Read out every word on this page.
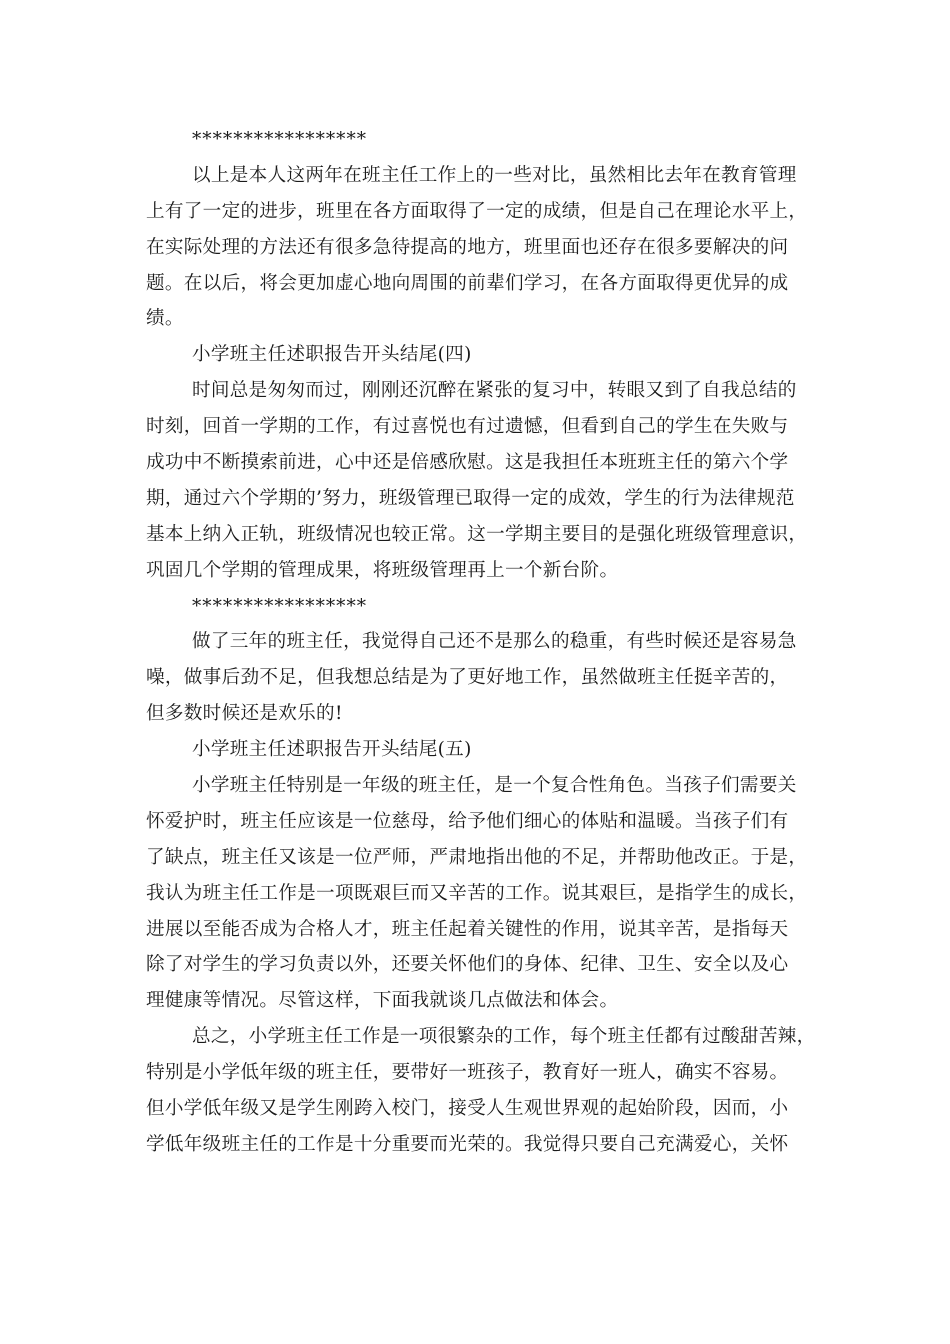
*****************
以上是本人这两年在班主任工作上的一些对比，虽然相比去年在教育管理
上有了一定的进步，班里在各方面取得了一定的成绩，但是自己在理论水平上，
在实际处理的方法还有很多急待提高的地方，班里面也还存在很多要解决的问
题。在以后，将会更加虚心地向周围的前辈们学习，在各方面取得更优异的成
绩。
小学班主任述职报告开头结尾(四)
时间总是匆匆而过，刚刚还沉醉在紧张的复习中，转眼又到了自我总结的
时刻，回首一学期的工作，有过喜悦也有过遗憾，但看到自己的学生在失败与
成功中不断摸索前进，心中还是倍感欣慰。这是我担任本班班主任的第六个学
期，通过六个学期的’努力，班级管理已取得一定的成效，学生的行为法律规范
基本上纳入正轨，班级情况也较正常。这一学期主要目的是强化班级管理意识，
巩固几个学期的管理成果，将班级管理再上一个新台阶。
*****************
做了三年的班主任，我觉得自己还不是那么的稳重，有些时候还是容易急
噪，做事后劲不足，但我想总结是为了更好地工作，虽然做班主任挺辛苦的，
但多数时候还是欢乐的!
小学班主任述职报告开头结尾(五)
小学班主任特别是一年级的班主任，是一个复合性角色。当孩子们需要关
怀爱护时，班主任应该是一位慈母，给予他们细心的体贴和温暖。当孩子们有
了缺点，班主任又该是一位严师，严肃地指出他的不足，并帮助他改正。于是，
我认为班主任工作是一项既艰巨而又辛苦的工作。说其艰巨，是指学生的成长，
进展以至能否成为合格人才，班主任起着关键性的作用，说其辛苦，是指每天
除了对学生的学习负责以外，还要关怀他们的身体、纪律、卫生、安全以及心
理健康等情况。尽管这样，下面我就谈几点做法和体会。
总之，小学班主任工作是一项很繁杂的工作，每个班主任都有过酸甜苦辣，
特别是小学低年级的班主任，要带好一班孩子，教育好一班人，确实不容易。
但小学低年级又是学生刚跨入校门，接受人生观世界观的起始阶段，因而，小
学低年级班主任的工作是十分重要而光荣的。我觉得只要自己充满爱心，关怀
